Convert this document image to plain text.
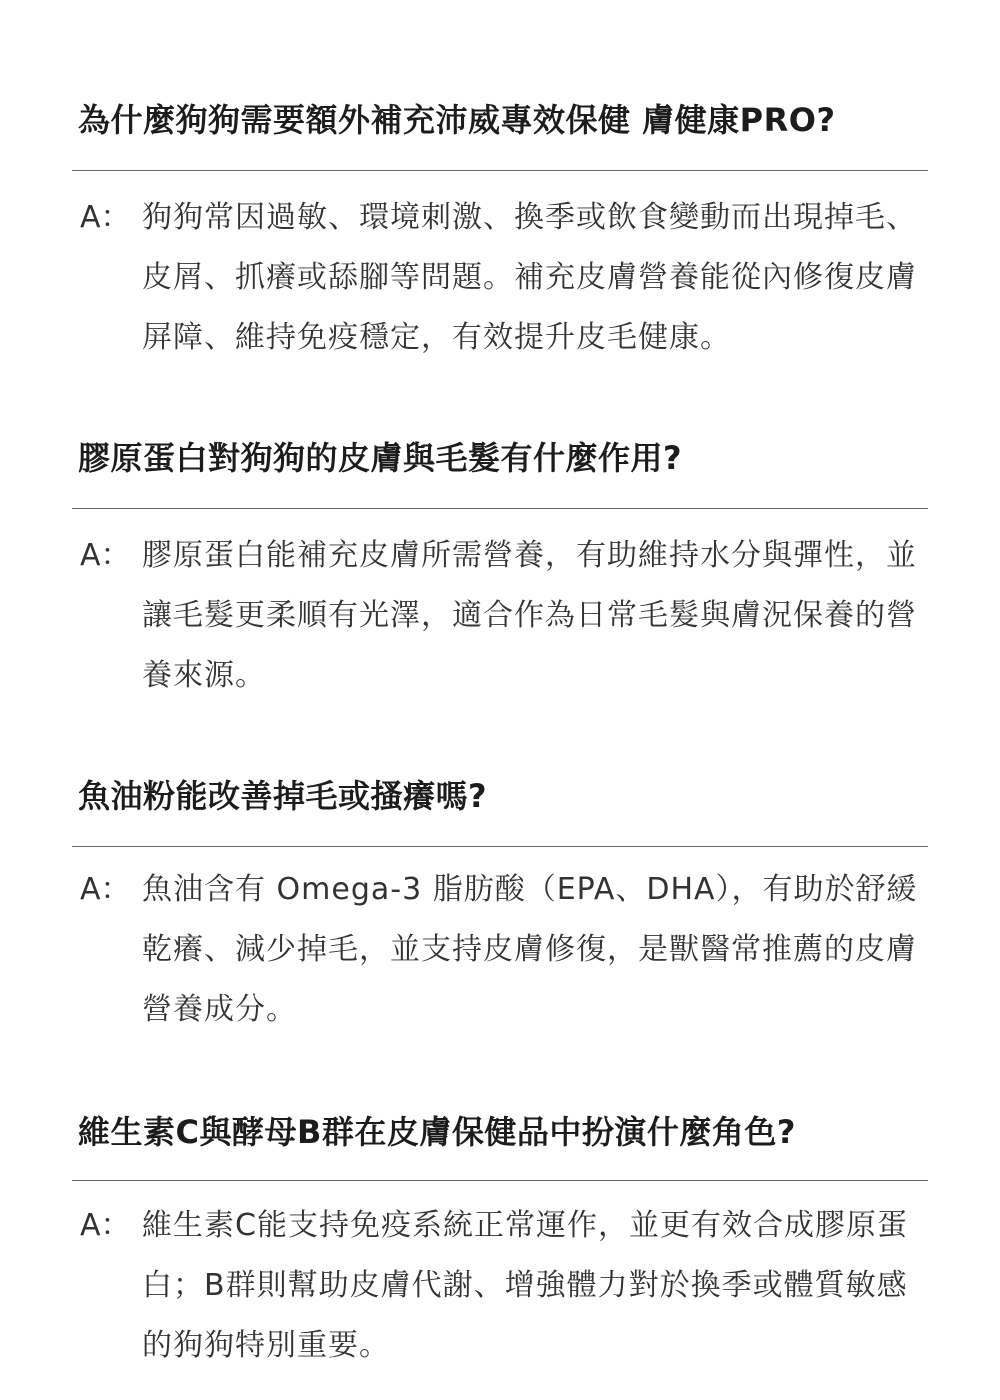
為什麼狗狗需要額外補充沛威專效保健 膚健康PRO?
A： 狗狗常因過敏、環境刺激、換季或飲食變動而出現掉毛、皮屑、抓癢或舔腳等問題。補充皮膚營養能從內修復皮膚屏障、維持免疫穩定，有效提升皮毛健康。
膠原蛋白對狗狗的皮膚與毛髮有什麼作用?
A： 膠原蛋白能補充皮膚所需營養，有助維持水分與彈性，並讓毛髮更柔順有光澤，適合作為日常毛髮與膚況保養的營養來源。
魚油粉能改善掉毛或搔癢嗎?
A： 魚油含有 Omega-3 脂肪酸（EPA、DHA），有助於舒緩乾癢、減少掉毛，並支持皮膚修復，是獸醫常推薦的皮膚營養成分。
維生素C與酵母B群在皮膚保健品中扮演什麼角色?
A： 維生素C能支持免疫系統正常運作，並更有效合成膠原蛋白；B群則幫助皮膚代謝、增強體力對於換季或體質敏感的狗狗特別重要。
